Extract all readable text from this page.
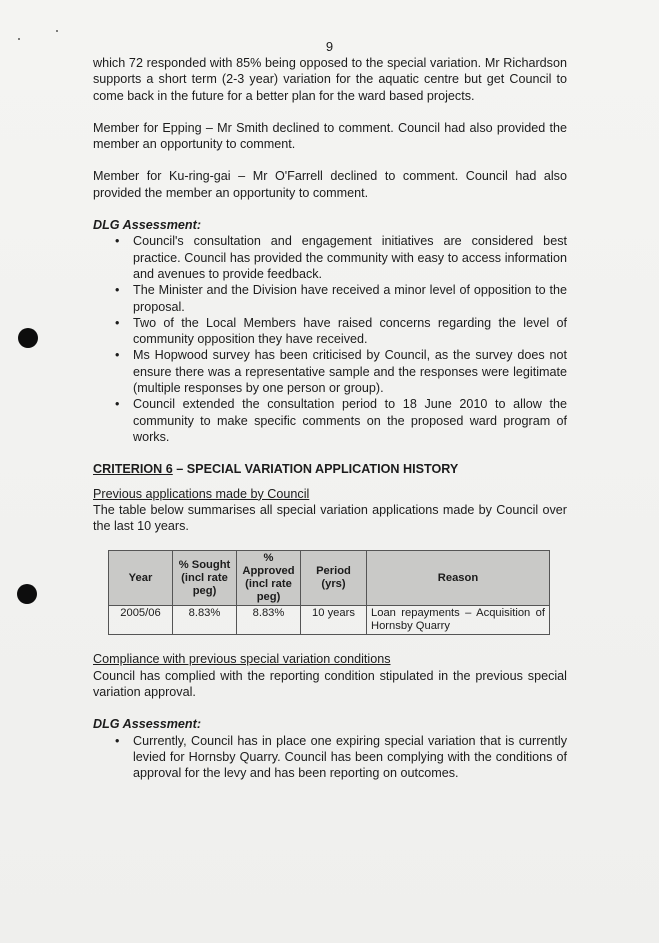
9

which 72 responded with 85% being opposed to the special variation. Mr Richardson supports a short term (2-3 year) variation for the aquatic centre but get Council to come back in the future for a better plan for the ward based projects.

Member for Epping – Mr Smith declined to comment. Council had also provided the member an opportunity to comment.

Member for Ku-ring-gai – Mr O'Farrell declined to comment. Council had also provided the member an opportunity to comment.

DLG Assessment:

• Council's consultation and engagement initiatives are considered best practice. Council has provided the community with easy to access information and avenues to provide feedback.
• The Minister and the Division have received a minor level of opposition to the proposal.
• Two of the Local Members have raised concerns regarding the level of community opposition they have received.
• Ms Hopwood survey has been criticised by Council, as the survey does not ensure there was a representative sample and the responses were legitimate (multiple responses by one person or group).
• Council extended the consultation period to 18 June 2010 to allow the community to make specific comments on the proposed ward program of works.

CRITERION 6 – SPECIAL VARIATION APPLICATION HISTORY

Previous applications made by Council

The table below summarises all special variation applications made by Council over the last 10 years.

Year	% Sought (incl rate peg)	% Approved (incl rate peg)	Period (yrs)	Reason
2005/06	8.83%	8.83%	10 years	Loan repayments – Acquisition of Hornsby Quarry

Compliance with previous special variation conditions

Council has complied with the reporting condition stipulated in the previous special variation approval.

DLG Assessment:

• Currently, Council has in place one expiring special variation that is currently levied for Hornsby Quarry. Council has been complying with the conditions of approval for the levy and has been reporting on outcomes.
